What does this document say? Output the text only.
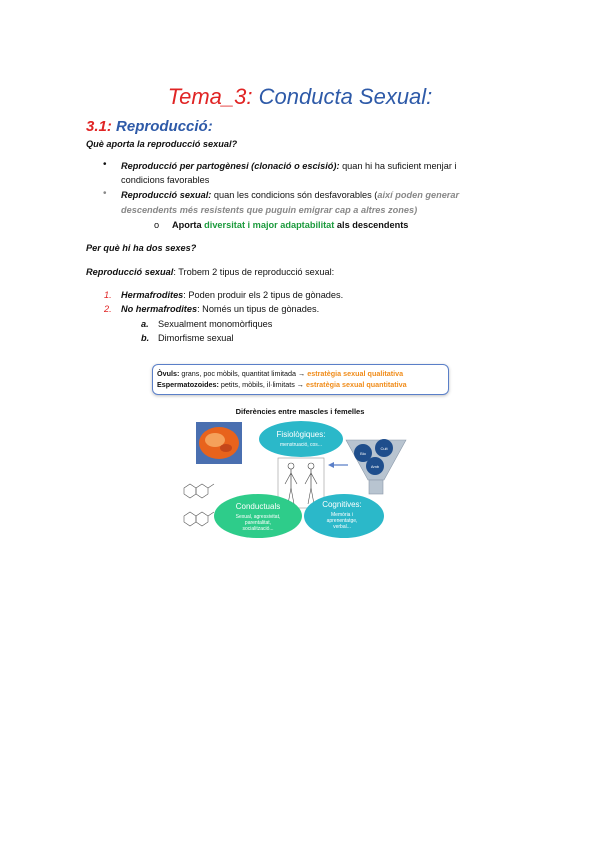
Tema_3: Conducta Sexual:
3.1: Reproducció:
Què aporta la reproducció sexual?
• Reproducció per partogènesi (clonació o escisió): quan hi ha suficient menjar i
condicions favorables
• Reproducció sexual: quan les condicions són desfavorables (així poden generar
descendents més resistents que puguin emigrar cap a altres zones)
o Aporta diversitat i major adaptabilitat als descendents
Per què hi ha dos sexes?
Reproducció sexual: Trobem 2 tipus de reproducció sexual:
1. Hermafrodites: Poden produir els 2 tipus de gònades.
2. No hermafrodites: Només un tipus de gònades.
a. Sexualment monomòrfiques
b. Dimorfisme sexual
Òvuls: grans, poc mòbils, quantitat limitada → estratègia sexual qualitativa
Espermatozoides: petits, mòbils, il·limitats → estratègia sexual quantitativa
Diferències entre mascles i femelles
Fisiològiques:
menstruació, cos...
Conductuals
Sexual, agressivitat,
parentalitat,
socialització...
Cognitives:
Memòria i
aprenentatge,
verbal...
Bio
Cult
Amb
